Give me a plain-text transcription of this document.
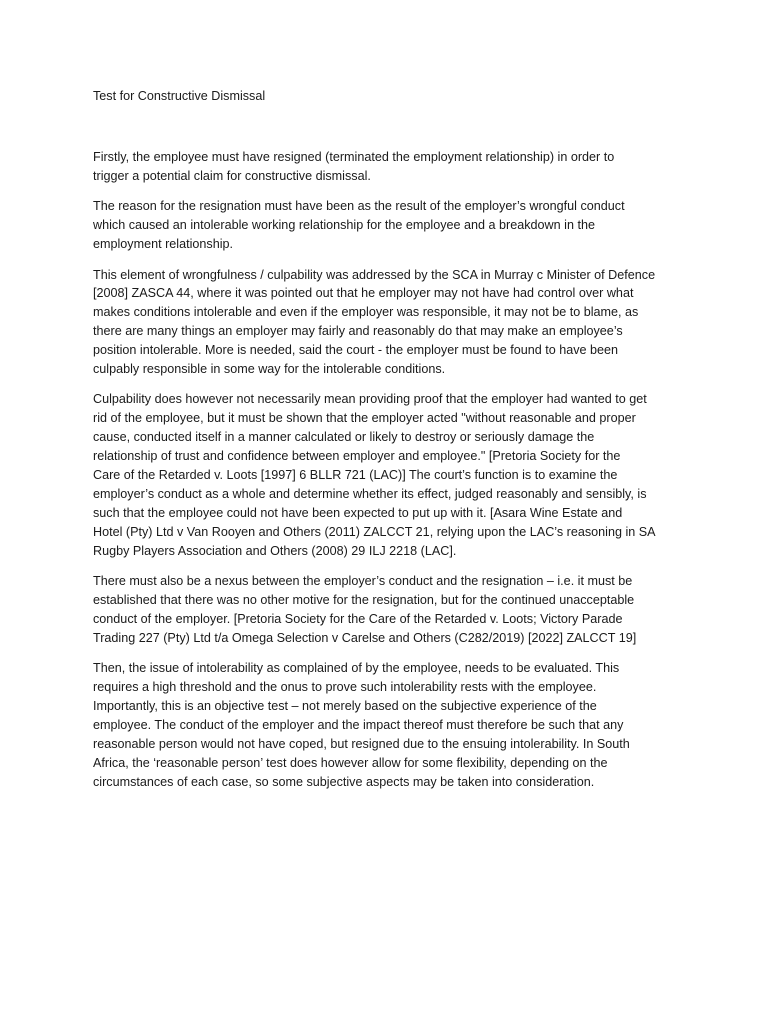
Test for Constructive Dismissal

Firstly, the employee must have resigned (terminated the employment relationship) in order to
trigger a potential claim for constructive dismissal.

The reason for the resignation must have been as the result of the employer’s wrongful conduct
which caused an intolerable working relationship for the employee and a breakdown in the
employment relationship.

This element of wrongfulness / culpability was addressed by the SCA in Murray c Minister of Defence
[2008] ZASCA 44, where it was pointed out that he employer may not have had control over what
makes conditions intolerable and even if the employer was responsible, it may not be to blame, as
there are many things an employer may fairly and reasonably do that may make an employee’s
position intolerable. More is needed, said the court - the employer must be found to have been
culpably responsible in some way for the intolerable conditions.

Culpability does however not necessarily mean providing proof that the employer had wanted to get
rid of the employee, but it must be shown that the employer acted "without reasonable and proper
cause, conducted itself in a manner calculated or likely to destroy or seriously damage the
relationship of trust and confidence between employer and employee." [Pretoria Society for the
Care of the Retarded v. Loots [1997] 6 BLLR 721 (LAC)] The court’s function is to examine the
employer’s conduct as a whole and determine whether its effect, judged reasonably and sensibly, is
such that the employee could not have been expected to put up with it. [Asara Wine Estate and
Hotel (Pty) Ltd v Van Rooyen and Others (2011) ZALCCT 21, relying upon the LAC’s reasoning in SA
Rugby Players Association and Others (2008) 29 ILJ 2218 (LAC].

There must also be a nexus between the employer’s conduct and the resignation – i.e. it must be
established that there was no other motive for the resignation, but for the continued unacceptable
conduct of the employer. [Pretoria Society for the Care of the Retarded v. Loots; Victory Parade
Trading 227 (Pty) Ltd t/a Omega Selection v Carelse and Others (C282/2019) [2022] ZALCCT 19]

Then, the issue of intolerability as complained of by the employee, needs to be evaluated. This
requires a high threshold and the onus to prove such intolerability rests with the employee.
Importantly, this is an objective test – not merely based on the subjective experience of the
employee. The conduct of the employer and the impact thereof must therefore be such that any
reasonable person would not have coped, but resigned due to the ensuing intolerability. In South
Africa, the ‘reasonable person’ test does however allow for some flexibility, depending on the
circumstances of each case, so some subjective aspects may be taken into consideration.
